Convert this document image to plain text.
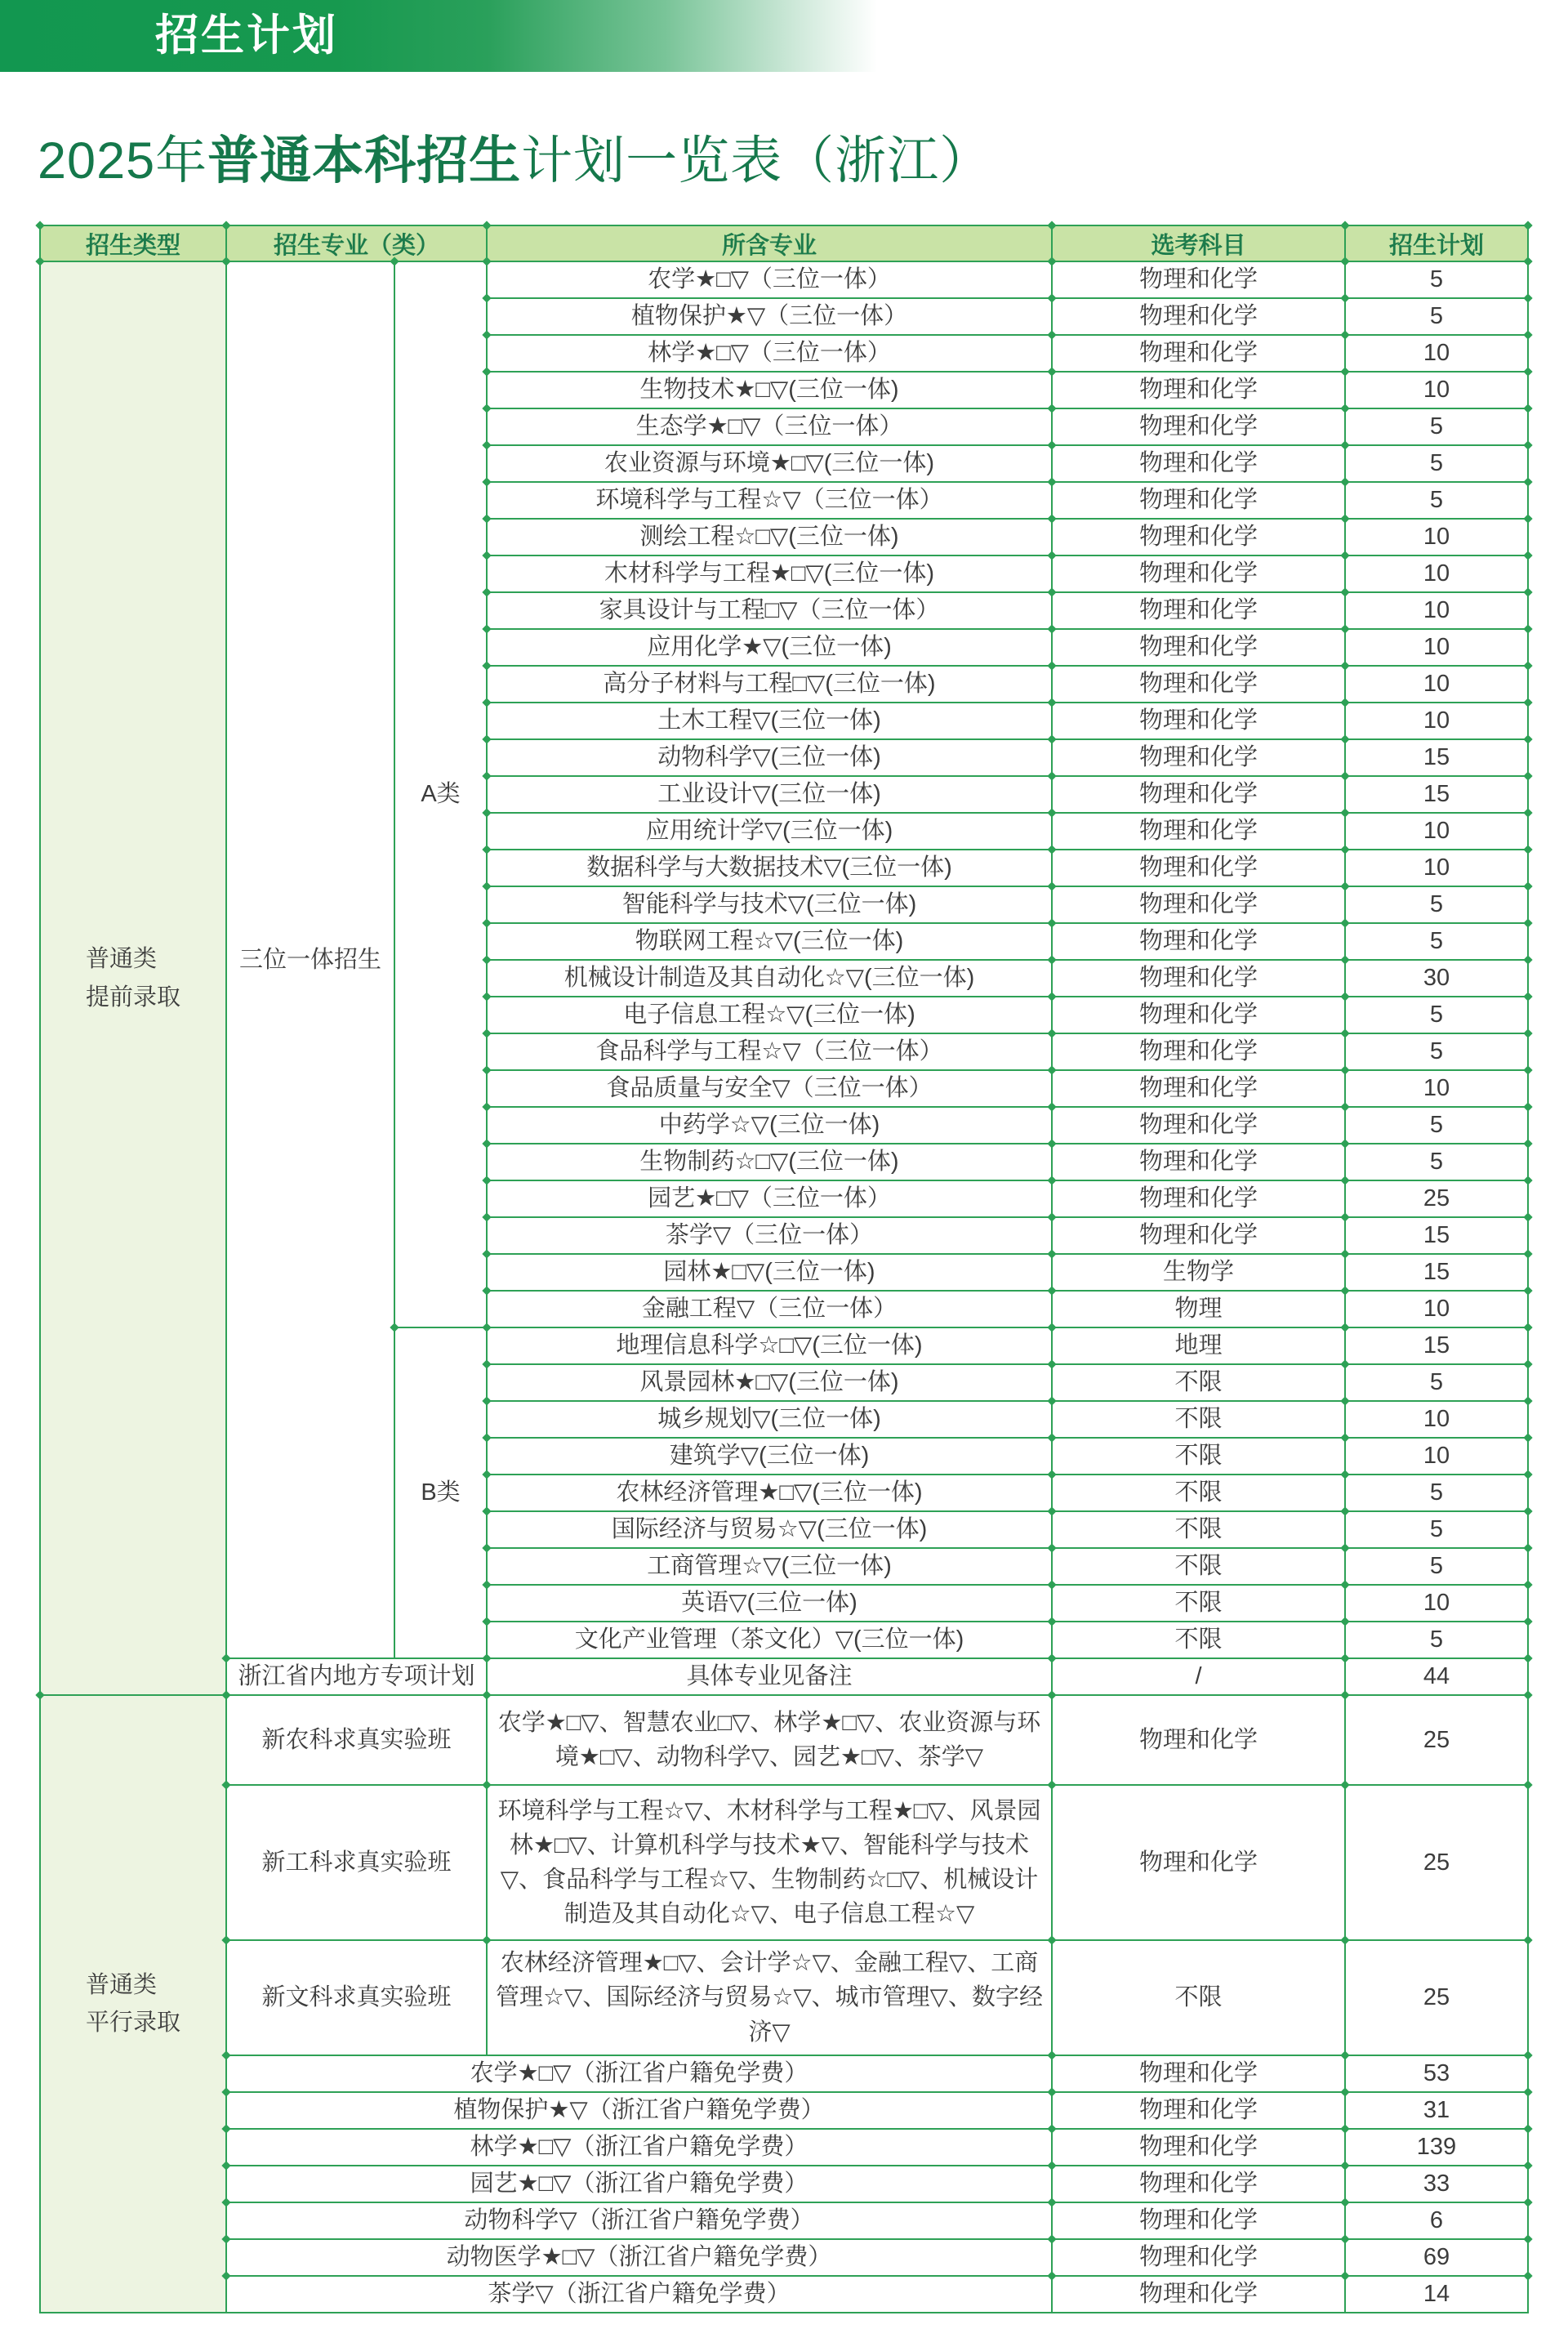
招生计划
2025年普通本科招生计划一览表（浙江）
招生类型	招生专业（类）		所含专业	选考科目	招生计划

普通类
提前录取	三位一体招生	A类	农学★□▽（三位一体）	物理和化学	5
			植物保护★▽（三位一体）	物理和化学	5
			林学★□▽（三位一体）	物理和化学	10
			生物技术★□▽(三位一体)	物理和化学	10
			生态学★□▽（三位一体）	物理和化学	5
			农业资源与环境★□▽(三位一体)	物理和化学	5
			环境科学与工程☆▽（三位一体）	物理和化学	5
			测绘工程☆□▽(三位一体)	物理和化学	10
			木材科学与工程★□▽(三位一体)	物理和化学	10
			家具设计与工程□▽（三位一体）	物理和化学	10
			应用化学★▽(三位一体)	物理和化学	10
			高分子材料与工程□▽(三位一体)	物理和化学	10
			土木工程▽(三位一体)	物理和化学	10
			动物科学▽(三位一体)	物理和化学	15
			工业设计▽(三位一体)	物理和化学	15
			应用统计学▽(三位一体)	物理和化学	10
			数据科学与大数据技术▽(三位一体)	物理和化学	10
			智能科学与技术▽(三位一体)	物理和化学	5
			物联网工程☆▽(三位一体)	物理和化学	5
			机械设计制造及其自动化☆▽(三位一体)	物理和化学	30
			电子信息工程☆▽(三位一体)	物理和化学	5
			食品科学与工程☆▽（三位一体）	物理和化学	5
			食品质量与安全▽（三位一体）	物理和化学	10
			中药学☆▽(三位一体)	物理和化学	5
			生物制药☆□▽(三位一体)	物理和化学	5
			园艺★□▽（三位一体）	物理和化学	25
			茶学▽（三位一体）	物理和化学	15
			园林★□▽(三位一体)	生物学	15
			金融工程▽（三位一体）	物理	10
		B类	地理信息科学☆□▽(三位一体)	地理	15
			风景园林★□▽(三位一体)	不限	5
			城乡规划▽(三位一体)	不限	10
			建筑学▽(三位一体)	不限	10
			农林经济管理★□▽(三位一体)	不限	5
			国际经济与贸易☆▽(三位一体)	不限	5
			工商管理☆▽(三位一体)	不限	5
			英语▽(三位一体)	不限	10
			文化产业管理（茶文化）▽(三位一体)	不限	5
	浙江省内地方专项计划		具体专业见备注	/	44

普通类
平行录取	新农科求真实验班		农学★□▽、智慧农业□▽、林学★□▽、农业资源与环境★□▽、动物科学▽、园艺★□▽、茶学▽	物理和化学	25
	新工科求真实验班		环境科学与工程☆▽、木材科学与工程★□▽、风景园林★□▽、计算机科学与技术★▽、智能科学与技术▽、食品科学与工程☆▽、生物制药☆□▽、机械设计制造及其自动化☆▽、电子信息工程☆▽	物理和化学	25
	新文科求真实验班		农林经济管理★□▽、会计学☆▽、金融工程▽、工商管理☆▽、国际经济与贸易☆▽、城市管理▽、数字经济▽	不限	25
	农学★□▽（浙江省户籍免学费）			物理和化学	53
	植物保护★▽（浙江省户籍免学费）			物理和化学	31
	林学★□▽（浙江省户籍免学费）			物理和化学	139
	园艺★□▽（浙江省户籍免学费）			物理和化学	33
	动物科学▽（浙江省户籍免学费）			物理和化学	6
	动物医学★□▽（浙江省户籍免学费）			物理和化学	69
	茶学▽（浙江省户籍免学费）			物理和化学	14
